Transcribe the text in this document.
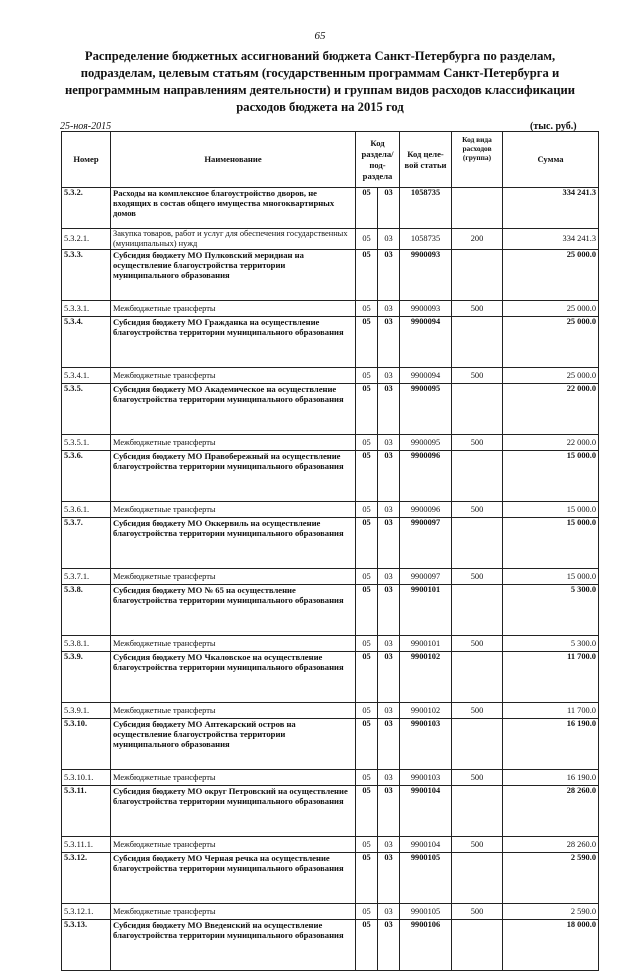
65
Распределение бюджетных ассигнований бюджета Санкт-Петербурга по разделам, подразделам, целевым статьям (государственным программам Санкт-Петербурга и непрограммным направлениям деятельности) и группам видов расходов классификации расходов бюджета на 2015 год
25-ноя-2015	(тыс. руб.)
Номер	Наименование	Код раздела/ под- раздела		Код целе- вой статьи	Код вида расходов (группа)	Сумма
5.3.2.	Расходы на комплексное благоустройство дворов, не входящих в состав общего имущества многоквартирных домов	05	03	1058735		334 241.3
5.3.2.1.	Закупка товаров, работ и услуг для обеспечения государственных (муниципальных) нужд	05	03	1058735	200	334 241.3
5.3.3.	Субсидия бюджету МО Пулковский меридиан на осуществление благоустройства территории муниципального образования	05	03	9900093		25 000.0
5.3.3.1.	Межбюджетные трансферты	05	03	9900093	500	25 000.0
5.3.4.	Субсидия бюджету МО Гражданка на осуществление благоустройства территории муниципального образования	05	03	9900094		25 000.0
5.3.4.1.	Межбюджетные трансферты	05	03	9900094	500	25 000.0
5.3.5.	Субсидия бюджету МО Академическое на осуществление благоустройства территории муниципального образования	05	03	9900095		22 000.0
5.3.5.1.	Межбюджетные трансферты	05	03	9900095	500	22 000.0
5.3.6.	Субсидия бюджету МО Правобережный на осуществление благоустройства территории муниципального образования	05	03	9900096		15 000.0
5.3.6.1.	Межбюджетные трансферты	05	03	9900096	500	15 000.0
5.3.7.	Субсидия бюджету МО Оккервиль на осуществление благоустройства территории муниципального образования	05	03	9900097		15 000.0
5.3.7.1.	Межбюджетные трансферты	05	03	9900097	500	15 000.0
5.3.8.	Субсидия бюджету МО № 65 на осуществление благоустройства территории муниципального образования	05	03	9900101		5 300.0
5.3.8.1.	Межбюджетные трансферты	05	03	9900101	500	5 300.0
5.3.9.	Субсидия бюджету МО Чкаловское на осуществление благоустройства территории муниципального образования	05	03	9900102		11 700.0
5.3.9.1.	Межбюджетные трансферты	05	03	9900102	500	11 700.0
5.3.10.	Субсидия бюджету МО Аптекарский остров на осуществление благоустройства территории муниципального образования	05	03	9900103		16 190.0
5.3.10.1.	Межбюджетные трансферты	05	03	9900103	500	16 190.0
5.3.11.	Субсидия бюджету МО округ Петровский на осуществление благоустройства территории муниципального образования	05	03	9900104		28 260.0
5.3.11.1.	Межбюджетные трансферты	05	03	9900104	500	28 260.0
5.3.12.	Субсидия бюджету МО Черная речка на осуществление благоустройства территории муниципального образования	05	03	9900105		2 590.0
5.3.12.1.	Межбюджетные трансферты	05	03	9900105	500	2 590.0
5.3.13.	Субсидия бюджету МО Введенский на осуществление благоустройства территории муниципального образования	05	03	9900106		18 000.0
